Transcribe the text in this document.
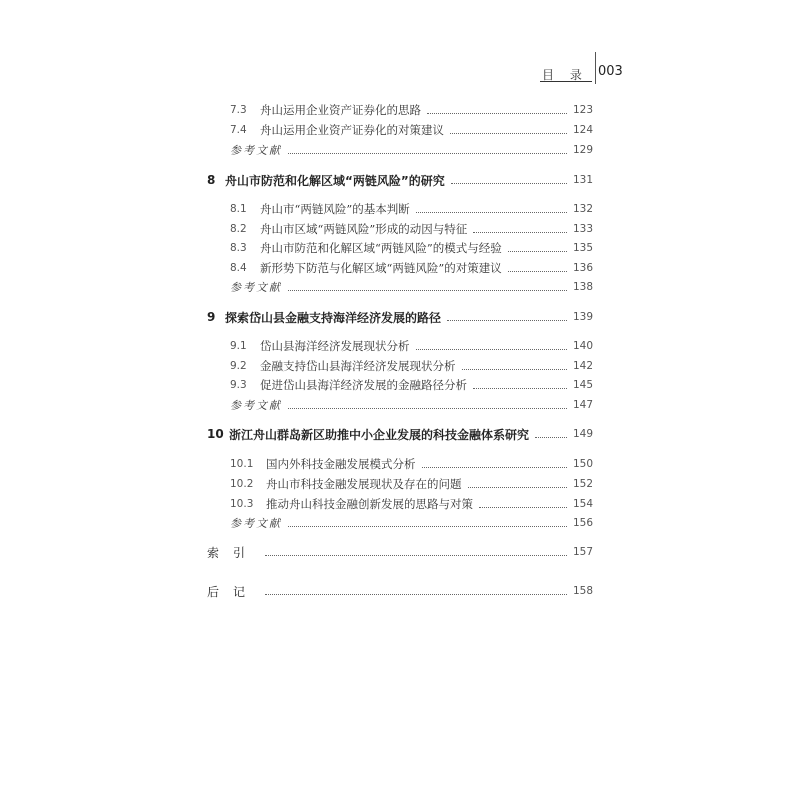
目 录 003
7.3	舟山运用企业资产证券化的思路	123
7.4	舟山运用企业资产证券化的对策建议	124
参考文献	129
8 舟山市防范和化解区域“两链风险”的研究	131
8.1	舟山市“两链风险”的基本判断	132
8.2	舟山市区域“两链风险”形成的动因与特征	133
8.3	舟山市防范和化解区域“两链风险”的模式与经验	135
8.4	新形势下防范与化解区域“两链风险”的对策建议	136
参考文献	138
9 探索岱山县金融支持海洋经济发展的路径	139
9.1	岱山县海洋经济发展现状分析	140
9.2	金融支持岱山县海洋经济发展现状分析	142
9.3	促进岱山县海洋经济发展的金融路径分析	145
参考文献	147
10 浙江舟山群岛新区助推中小企业发展的科技金融体系研究	149
10.1	国内外科技金融发展模式分析	150
10.2	舟山市科技金融发展现状及存在的问题	152
10.3	推动舟山科技金融创新发展的思路与对策	154
参考文献	156
索引	157
后记	158
